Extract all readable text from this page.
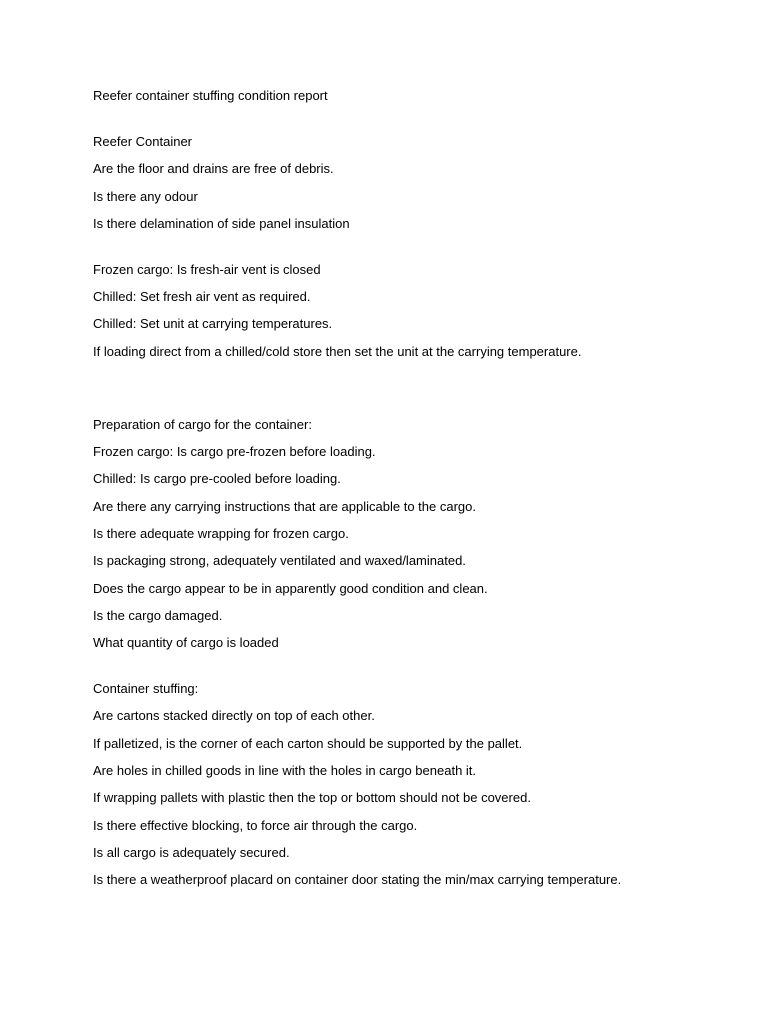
Reefer container stuffing condition report
Reefer Container
Are the floor and drains are free of debris.
Is there any odour
Is there delamination of side panel insulation
Frozen cargo: Is fresh-air vent is closed
Chilled: Set fresh air vent as required.
Chilled: Set unit at carrying temperatures.
If loading direct from a chilled/cold store then set the unit at the carrying temperature.
Preparation of cargo for the container:
Frozen cargo: Is cargo pre-frozen before loading.
Chilled: Is cargo pre-cooled before loading.
Are there any carrying instructions that are applicable to the cargo.
Is there adequate wrapping for frozen cargo.
Is packaging strong, adequately ventilated and waxed/laminated.
Does the cargo appear to be in apparently good condition and clean.
Is the cargo damaged.
What quantity of cargo is loaded
Container stuffing:
Are cartons stacked directly on top of each other.
If palletized, is the corner of each carton should be supported by the pallet.
Are holes in chilled goods in line with the holes in cargo beneath it.
If wrapping pallets with plastic then the top or bottom should not be covered.
Is there effective blocking, to force air through the cargo.
Is all cargo is adequately secured.
Is there a weatherproof placard on container door stating the min/max carrying temperature.
